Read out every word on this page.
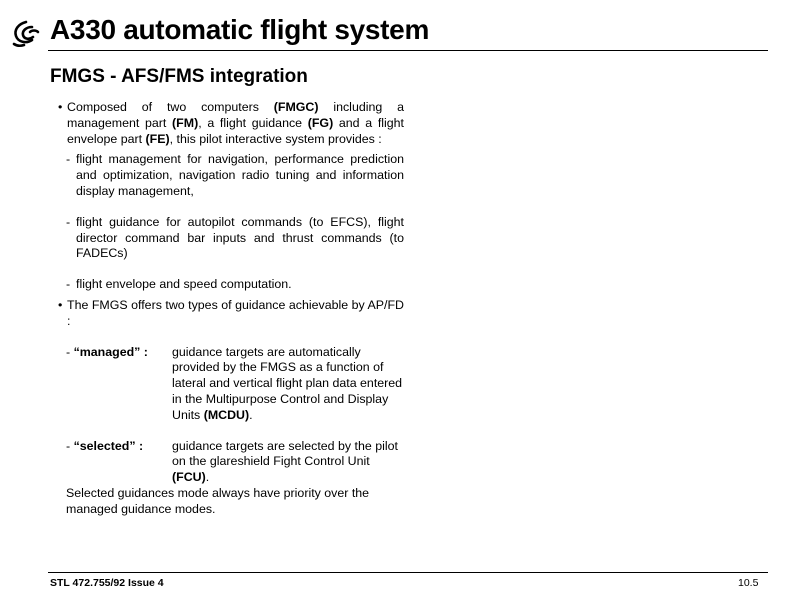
A330 automatic flight system
FMGS - AFS/FMS integration
• Composed of two computers (FMGC) including a management part (FM), a flight guidance (FG) and a flight envelope part (FE), this pilot interactive system provides :
- flight management for navigation, performance prediction and optimization, navigation radio tuning and information display management,
- flight guidance for autopilot commands (to EFCS), flight director command bar inputs and thrust commands (to FADECs)
- flight envelope and speed computation.
• The FMGS offers two types of guidance achievable by AP/FD :
- “managed” : guidance targets are automatically provided by the FMGS as a function of lateral and vertical flight plan data entered in the Multipurpose Control and Display Units (MCDU).
- “selected” : guidance targets are selected by the pilot on the glareshield Fight Control Unit (FCU).
Selected guidances mode always have priority over the managed guidance modes.
STL 472.755/92 Issue 4	10.5
